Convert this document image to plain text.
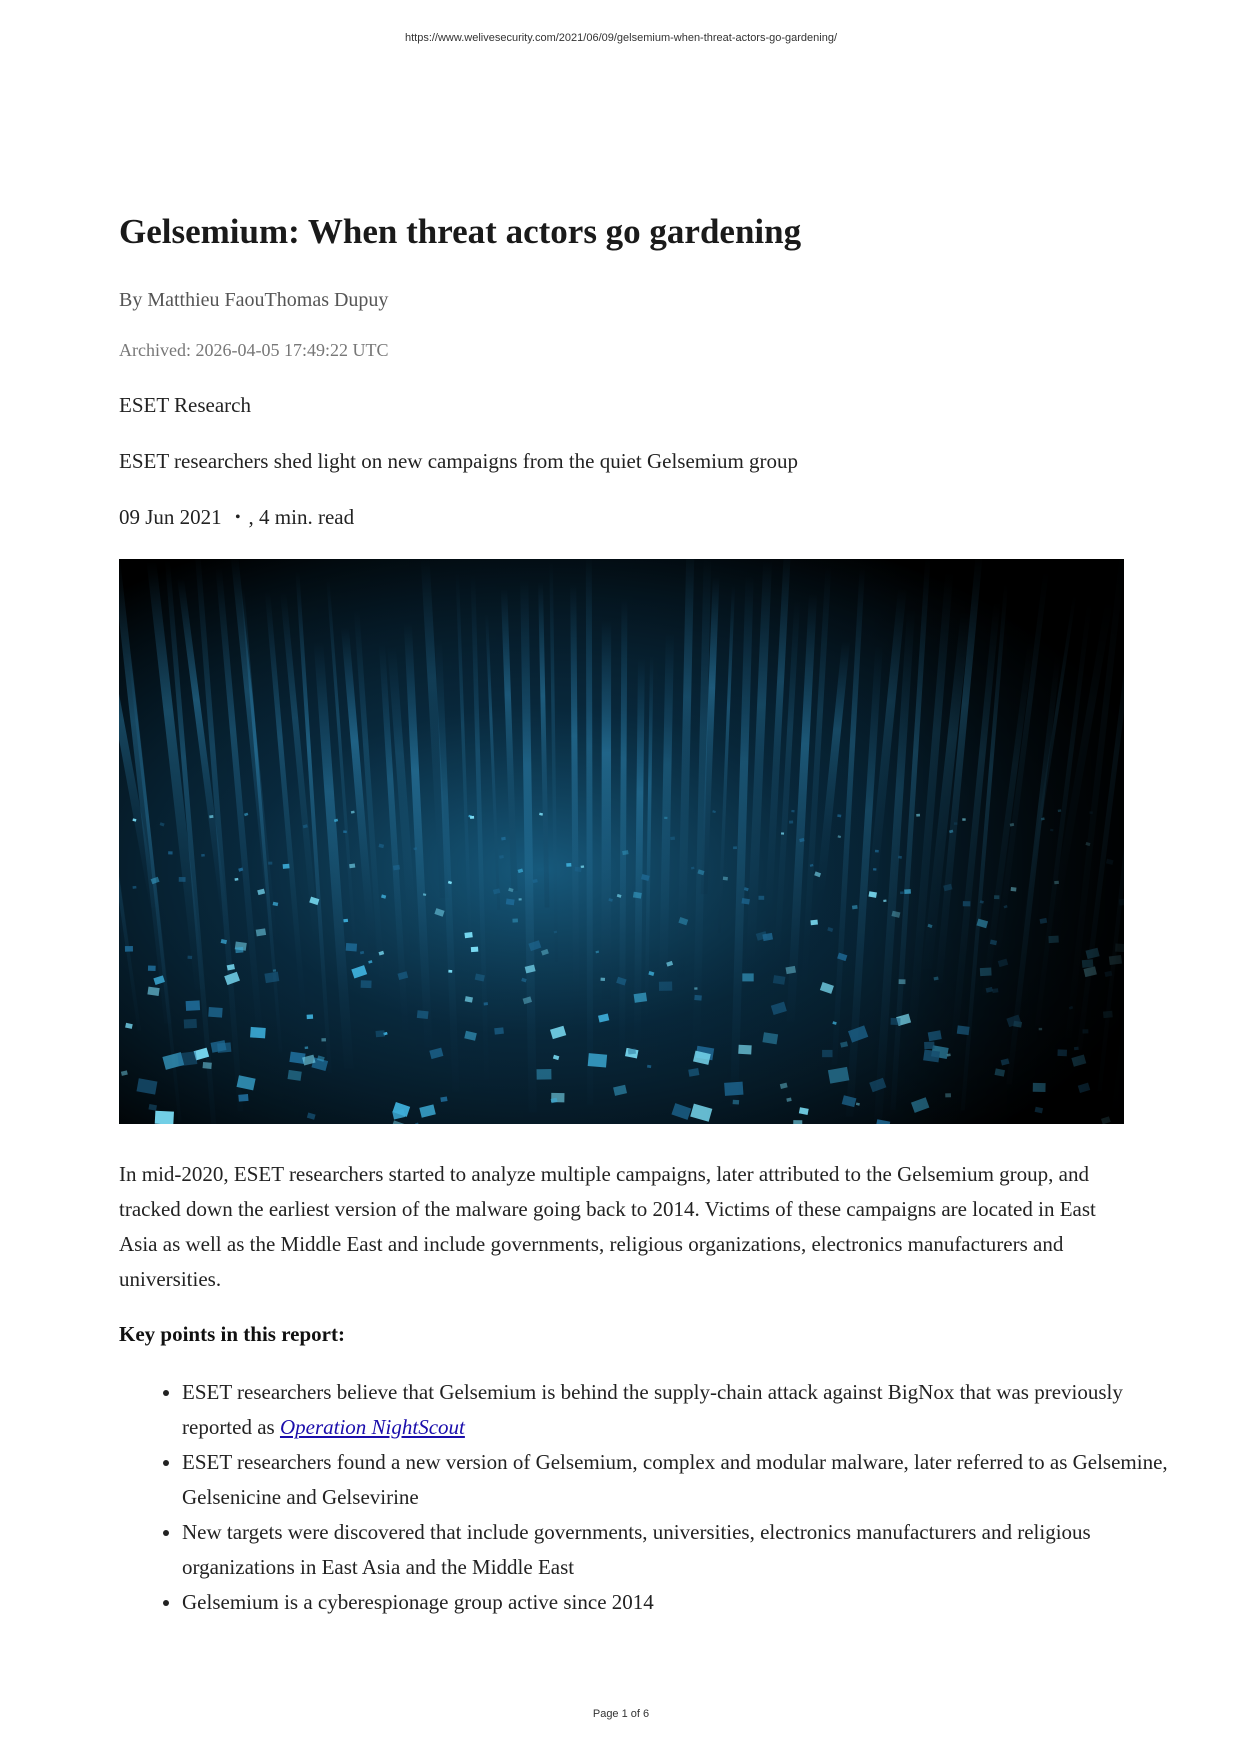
https://www.welivesecurity.com/2021/06/09/gelsemium-when-threat-actors-go-gardening/
Gelsemium: When threat actors go gardening
By Matthieu FaouThomas Dupuy
Archived: 2026-04-05 17:49:22 UTC
ESET Research
ESET researchers shed light on new campaigns from the quiet Gelsemium group
09 Jun 2021 • , 4 min. read

In mid-2020, ESET researchers started to analyze multiple campaigns, later attributed to the Gelsemium group, and tracked down the earliest version of the malware going back to 2014. Victims of these campaigns are located in East Asia as well as the Middle East and include governments, religious organizations, electronics manufacturers and universities.

Key points in this report:
• ESET researchers believe that Gelsemium is behind the supply-chain attack against BigNox that was previously reported as Operation NightScout
• ESET researchers found a new version of Gelsemium, complex and modular malware, later referred to as Gelsemine, Gelsenicine and Gelsevirine
• New targets were discovered that include governments, universities, electronics manufacturers and religious organizations in East Asia and the Middle East
• Gelsemium is a cyberespionage group active since 2014
Page 1 of 6
